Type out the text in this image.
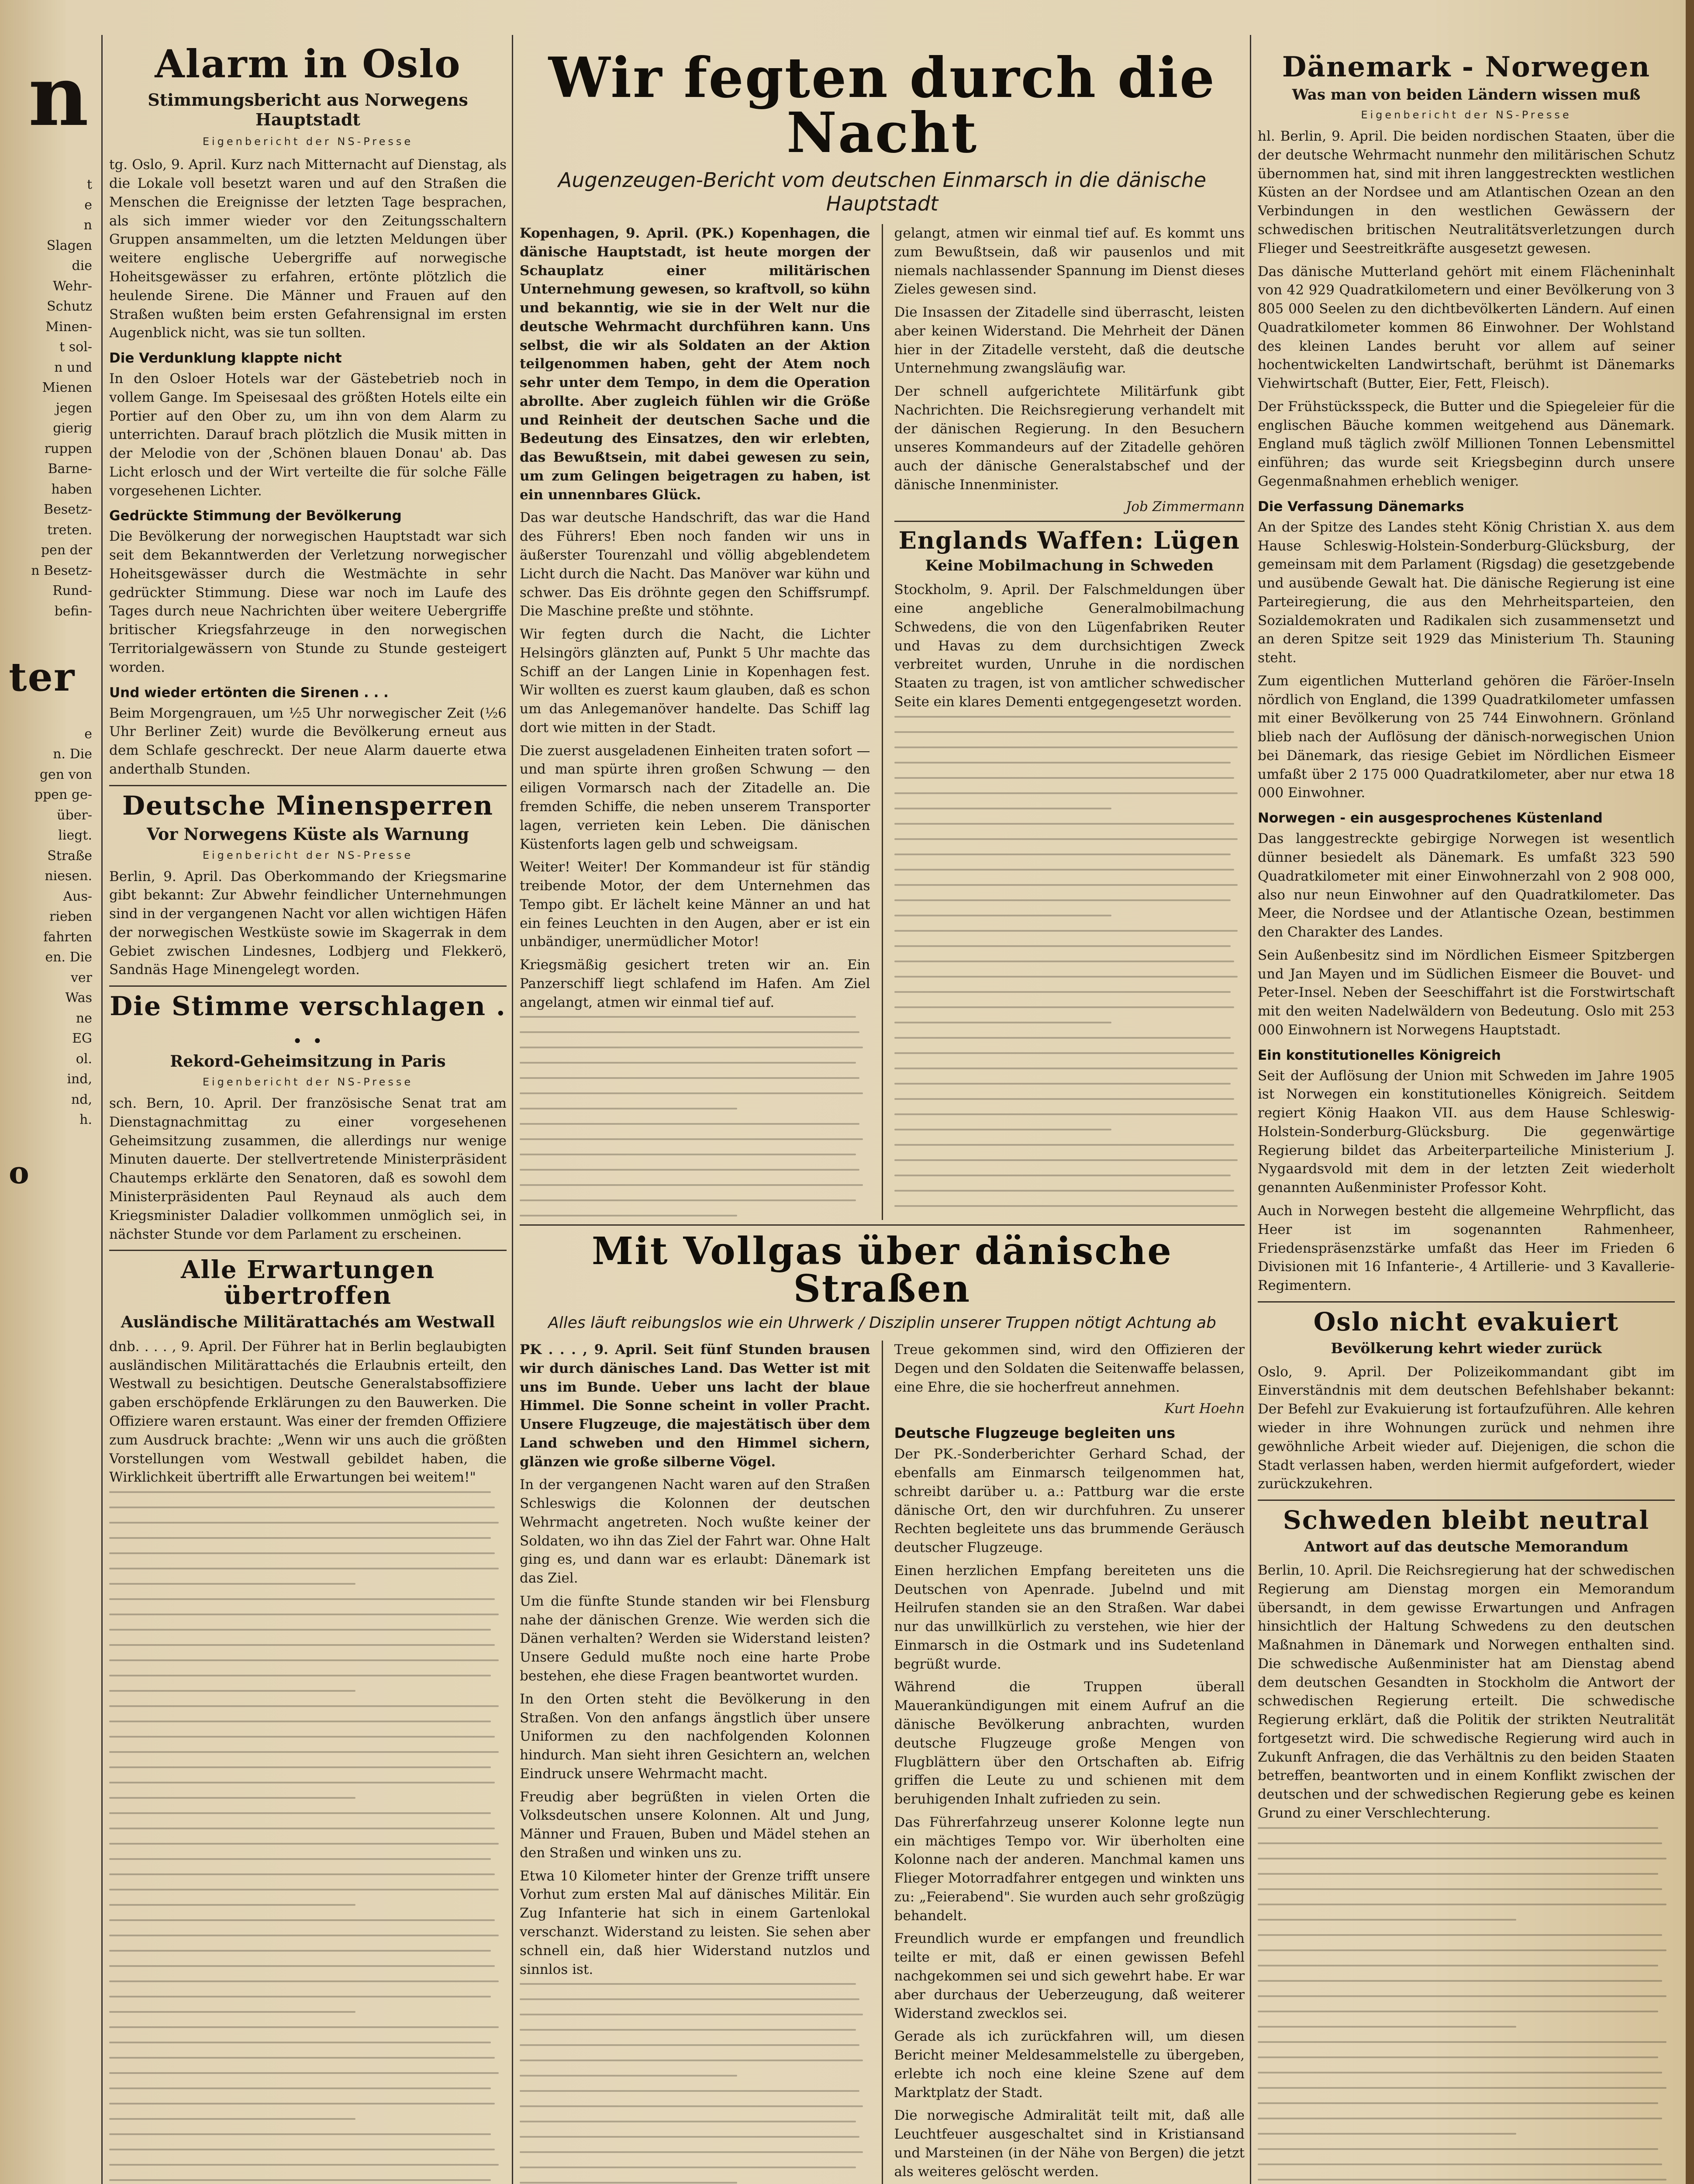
n
t
e
n
Slagen
die
Wehr-
Schutz
Minen-
t sol-
n und
Mienen
jegen
gierig
ruppen
Barne-
haben
Besetz-
treten.
pen der
n Besetz-
Rund-
befin-
ter
e
n. Die
gen von
ppen ge-
über-
liegt.
Straße
niesen.
Aus-
rieben
fahrten
en. Die
ver
Was
ne
EG
ol.
ind,
nd,
h.
o
Alarm in Oslo
Stimmungsbericht aus Norwegens Hauptstadt
Eigenbericht der NS-Presse

tg. Oslo, 9. April. Kurz nach Mitternacht auf Dienstag, als die Lokale voll besetzt waren und auf den Straßen die Menschen die Ereignisse der letzten Tage besprachen, als sich immer wieder vor den Zeitungsschaltern Gruppen ansammelten, um die letzten Meldungen über weitere englische Uebergriffe auf norwegische Hoheitsgewässer zu erfahren, ertönte plötzlich die heulende Sirene. Die Männer und Frauen auf den Straßen wußten beim ersten Gefahrensignal im ersten Augenblick nicht, was sie tun sollten.

Die Verdunklung klappte nicht

In den Osloer Hotels war der Gästebetrieb noch in vollem Gange. Im Speisesaal des größten Hotels eilte ein Portier auf den Ober zu, um ihn von dem Alarm zu unterrichten. Darauf brach plötzlich die Musik mitten in der Melodie von der ‚Schönen blauen Donau' ab. Das Licht erlosch und der Wirt verteilte die für solche Fälle vorgesehenen Lichter.

Gedrückte Stimmung der Bevölkerung

Die Bevölkerung der norwegischen Hauptstadt war sich seit dem Bekanntwerden der Verletzung norwegischer Hoheitsgewässer durch die Westmächte in sehr gedrückter Stimmung. Diese war noch im Laufe des Tages durch neue Nachrichten über weitere Uebergriffe britischer Kriegsfahrzeuge in den norwegischen Territorialgewässern von Stunde zu Stunde gesteigert worden.

Und wieder ertönten die Sirenen . . .

Beim Morgengrauen, um ½5 Uhr norwegischer Zeit (½6 Uhr Berliner Zeit) wurde die Bevölkerung erneut aus dem Schlafe geschreckt. Der neue Alarm dauerte etwa anderthalb Stunden.

Deutsche Minensperren
Vor Norwegens Küste als Warnung
Eigenbericht der NS-Presse

Berlin, 9. April. Das Oberkommando der Kriegsmarine gibt bekannt: Zur Abwehr feindlicher Unternehmungen sind in der vergangenen Nacht vor allen wichtigen Häfen der norwegischen Westküste sowie im Skagerrak in dem Gebiet zwischen Lindesnes, Lodbjerg und Flekkerö, Sandnäs Hage Minengelegt worden.

Die Stimme verschlagen . . .
Rekord-Geheimsitzung in Paris
Eigenbericht der NS-Presse

sch. Bern, 10. April. Der französische Senat trat am Dienstagnachmittag zu einer vorgesehenen Geheimsitzung zusammen, die allerdings nur wenige Minuten dauerte. Der stellvertretende Ministerpräsident Chautemps erklärte den Senatoren, daß es sowohl dem Ministerpräsidenten Paul Reynaud als auch dem Kriegsminister Daladier vollkommen unmöglich sei, in nächster Stunde vor dem Parlament zu erscheinen.

Alle Erwartungen übertroffen
Ausländische Militärattachés am Westwall

dnb. . . . , 9. April. Der Führer hat in Berlin beglaubigten ausländischen Militärattachés die Erlaubnis erteilt, den Westwall zu besichtigen. Deutsche Generalstabsoffiziere gaben erschöpfende Erklärungen zu den Bauwerken. Die Offiziere waren erstaunt. Was einer der fremden Offiziere zum Ausdruck brachte: „Wenn wir uns auch die größten Vorstellungen vom Westwall gebildet haben, die Wirklichkeit übertrifft alle Erwartungen bei weitem!"

Wir fegten durch die Nacht
Augenzeugen-Bericht vom deutschen Einmarsch in die dänische Hauptstadt

Kopenhagen, 9. April. (PK.) Kopenhagen, die dänische Hauptstadt, ist heute morgen der Schauplatz einer militärischen Unternehmung gewesen, so kraftvoll, so kühn und bekanntig, wie sie in der Welt nur die deutsche Wehrmacht durchführen kann. Uns selbst, die wir als Soldaten an der Aktion teilgenommen haben, geht der Atem noch sehr unter dem Tempo, in dem die Operation abrollte. Aber zugleich fühlen wir die Größe und Reinheit der deutschen Sache und die Bedeutung des Einsatzes, den wir erlebten, das Bewußtsein, mit dabei gewesen zu sein, um zum Gelingen beigetragen zu haben, ist ein unnennbares Glück.

Das war deutsche Handschrift, das war die Hand des Führers! Eben noch fanden wir uns in äußerster Tourenzahl und völlig abgeblendetem Licht durch die Nacht. Das Manöver war kühn und schwer. Das Eis dröhnte gegen den Schiffsrumpf. Die Maschine preßte und stöhnte.

Wir fegten durch die Nacht, die Lichter Helsingörs glänzten auf, Punkt 5 Uhr machte das Schiff an der Langen Linie in Kopenhagen fest. Wir wollten es zuerst kaum glauben, daß es schon um das Anlegemanöver handelte. Das Schiff lag dort wie mitten in der Stadt.

Die zuerst ausgeladenen Einheiten traten sofort — und man spürte ihren großen Schwung — den eiligen Vormarsch nach der Zitadelle an. Die fremden Schiffe, die neben unserem Transporter lagen, verrieten kein Leben. Die dänischen Küstenforts lagen gelb und schweigsam.

Weiter! Weiter! Der Kommandeur ist für ständig treibende Motor, der dem Unternehmen das Tempo gibt. Er lächelt keine Männer an und hat ein feines Leuchten in den Augen, aber er ist ein unbändiger, unermüdlicher Motor!

Kriegsmäßig gesichert treten wir an. Ein Panzerschiff liegt schlafend im Hafen. Am Ziel angelangt, atmen wir einmal tief auf.

gelangt, atmen wir einmal tief auf. Es kommt uns zum Bewußtsein, daß wir pausenlos und mit niemals nachlassender Spannung im Dienst dieses Zieles gewesen sind.

Die Insassen der Zitadelle sind überrascht, leisten aber keinen Widerstand. Die Mehrheit der Dänen hier in der Zitadelle versteht, daß die deutsche Unternehmung zwangsläufig war.

Der schnell aufgerichtete Militärfunk gibt Nachrichten. Die Reichsregierung verhandelt mit der dänischen Regierung. In den Besuchern unseres Kommandeurs auf der Zitadelle gehören auch der dänische Generalstabschef und der dänische Innenminister.

Job Zimmermann
Englands Waffen: Lügen
Keine Mobilmachung in Schweden

Stockholm, 9. April. Der Falschmeldungen über eine angebliche Generalmobilmachung Schwedens, die von den Lügenfabriken Reuter und Havas zu dem durchsichtigen Zweck verbreitet wurden, Unruhe in die nordischen Staaten zu tragen, ist von amtlicher schwedischer Seite ein klares Dementi entgegengesetzt worden.

Mit Vollgas über dänische Straßen
Alles läuft reibungslos wie ein Uhrwerk / Disziplin unserer Truppen nötigt Achtung ab

PK . . . , 9. April. Seit fünf Stunden brausen wir durch dänisches Land. Das Wetter ist mit uns im Bunde. Ueber uns lacht der blaue Himmel. Die Sonne scheint in voller Pracht. Unsere Flugzeuge, die majestätisch über dem Land schweben und den Himmel sichern, glänzen wie große silberne Vögel.

In der vergangenen Nacht waren auf den Straßen Schleswigs die Kolonnen der deutschen Wehrmacht angetreten. Noch wußte keiner der Soldaten, wo ihn das Ziel der Fahrt war. Ohne Halt ging es, und dann war es erlaubt: Dänemark ist das Ziel.

Um die fünfte Stunde standen wir bei Flensburg nahe der dänischen Grenze. Wie werden sich die Dänen verhalten? Werden sie Widerstand leisten? Unsere Geduld mußte noch eine harte Probe bestehen, ehe diese Fragen beantwortet wurden.

In den Orten steht die Bevölkerung in den Straßen. Von den anfangs ängstlich über unsere Uniformen zu den nachfolgenden Kolonnen hindurch. Man sieht ihren Gesichtern an, welchen Eindruck unsere Wehrmacht macht.

Freudig aber begrüßten in vielen Orten die Volksdeutschen unsere Kolonnen. Alt und Jung, Männer und Frauen, Buben und Mädel stehen an den Straßen und winken uns zu.

Etwa 10 Kilometer hinter der Grenze trifft unsere Vorhut zum ersten Mal auf dänisches Militär. Ein Zug Infanterie hat sich in einem Gartenlokal verschanzt. Widerstand zu leisten. Sie sehen aber schnell ein, daß hier Widerstand nutzlos und sinnlos ist.

Treue gekommen sind, wird den Offizieren der Degen und den Soldaten die Seitenwaffe belassen, eine Ehre, die sie hocherfreut annehmen.

Kurt Hoehn
Deutsche Flugzeuge begleiten uns

Der PK.-Sonderberichter Gerhard Schad, der ebenfalls am Einmarsch teilgenommen hat, schreibt darüber u. a.: Pattburg war die erste dänische Ort, den wir durchfuhren. Zu unserer Rechten begleitete uns das brummende Geräusch deutscher Flugzeuge.

Einen herzlichen Empfang bereiteten uns die Deutschen von Apenrade. Jubelnd und mit Heilrufen standen sie an den Straßen. War dabei nur das unwillkürlich zu verstehen, wie hier der Einmarsch in die Ostmark und ins Sudetenland begrüßt wurde.

Während die Truppen überall Mauerankündigungen mit einem Aufruf an die dänische Bevölkerung anbrachten, wurden deutsche Flugzeuge große Mengen von Flugblättern über den Ortschaften ab. Eifrig griffen die Leute zu und schienen mit dem beruhigenden Inhalt zufrieden zu sein.

Das Führerfahrzeug unserer Kolonne legte nun ein mächtiges Tempo vor. Wir überholten eine Kolonne nach der anderen. Manchmal kamen uns Flieger Motorradfahrer entgegen und winkten uns zu: „Feierabend". Sie wurden auch sehr großzügig behandelt.

Freundlich wurde er empfangen und freundlich teilte er mit, daß er einen gewissen Befehl nachgekommen sei und sich gewehrt habe. Er war aber durchaus der Ueberzeugung, daß weiterer Widerstand zwecklos sei.

Gerade als ich zurückfahren will, um diesen Bericht meiner Meldesammelstelle zu übergeben, erlebte ich noch eine kleine Szene auf dem Marktplatz der Stadt.

Die norwegische Admiralität teilt mit, daß alle Leuchtfeuer ausgeschaltet sind in Kristiansand und Marsteinen (in der Nähe von Bergen) die jetzt als weiteres gelöscht werden.

Dänemark - Norwegen
Was man von beiden Ländern wissen muß
Eigenbericht der NS-Presse

hl. Berlin, 9. April. Die beiden nordischen Staaten, über die der deutsche Wehrmacht nunmehr den militärischen Schutz übernommen hat, sind mit ihren langgestreckten westlichen Küsten an der Nordsee und am Atlantischen Ozean an den Verbindungen in den westlichen Gewässern der schwedischen britischen Neutralitätsverletzungen durch Flieger und Seestreitkräfte ausgesetzt gewesen.

Das dänische Mutterland gehört mit einem Flächeninhalt von 42 929 Quadratkilometern und einer Bevölkerung von 3 805 000 Seelen zu den dichtbevölkerten Ländern. Auf einen Quadratkilometer kommen 86 Einwohner. Der Wohlstand des kleinen Landes beruht vor allem auf seiner hochentwickelten Landwirtschaft, berühmt ist Dänemarks Viehwirtschaft (Butter, Eier, Fett, Fleisch).

Der Frühstücksspeck, die Butter und die Spiegeleier für die englischen Bäuche kommen weitgehend aus Dänemark. England muß täglich zwölf Millionen Tonnen Lebensmittel einführen; das wurde seit Kriegsbeginn durch unsere Gegenmaßnahmen erheblich weniger.

Die Verfassung Dänemarks

An der Spitze des Landes steht König Christian X. aus dem Hause Schleswig-Holstein-Sonderburg-Glücksburg, der gemeinsam mit dem Parlament (Rigsdag) die gesetzgebende und ausübende Gewalt hat. Die dänische Regierung ist eine Parteiregierung, die aus den Mehrheitsparteien, den Sozialdemokraten und Radikalen sich zusammensetzt und an deren Spitze seit 1929 das Ministerium Th. Stauning steht.

Zum eigentlichen Mutterland gehören die Färöer-Inseln nördlich von England, die 1399 Quadratkilometer umfassen mit einer Bevölkerung von 25 744 Einwohnern. Grönland blieb nach der Auflösung der dänisch-norwegischen Union bei Dänemark, das riesige Gebiet im Nördlichen Eismeer umfaßt über 2 175 000 Quadratkilometer, aber nur etwa 18 000 Einwohner.

Norwegen - ein ausgesprochenes Küstenland

Das langgestreckte gebirgige Norwegen ist wesentlich dünner besiedelt als Dänemark. Es umfaßt 323 590 Quadratkilometer mit einer Einwohnerzahl von 2 908 000, also nur neun Einwohner auf den Quadratkilometer. Das Meer, die Nordsee und der Atlantische Ozean, bestimmen den Charakter des Landes.

Sein Außenbesitz sind im Nördlichen Eismeer Spitzbergen und Jan Mayen und im Südlichen Eismeer die Bouvet- und Peter-Insel. Neben der Seeschiffahrt ist die Forstwirtschaft mit den weiten Nadelwäldern von Bedeutung. Oslo mit 253 000 Einwohnern ist Norwegens Hauptstadt.

Ein konstitutionelles Königreich

Seit der Auflösung der Union mit Schweden im Jahre 1905 ist Norwegen ein konstitutionelles Königreich. Seitdem regiert König Haakon VII. aus dem Hause Schleswig-Holstein-Sonderburg-Glücksburg. Die gegenwärtige Regierung bildet das Arbeiterparteiliche Ministerium J. Nygaardsvold mit dem in der letzten Zeit wiederholt genannten Außenminister Professor Koht.

Auch in Norwegen besteht die allgemeine Wehrpflicht, das Heer ist im sogenannten Rahmenheer, Friedenspräsenzstärke umfaßt das Heer im Frieden 6 Divisionen mit 16 Infanterie-, 4 Artillerie- und 3 Kavallerie-Regimentern.

Oslo nicht evakuiert
Bevölkerung kehrt wieder zurück

Oslo, 9. April. Der Polizeikommandant gibt im Einverständnis mit dem deutschen Befehlshaber bekannt: Der Befehl zur Evakuierung ist fortaufzuführen. Alle kehren wieder in ihre Wohnungen zurück und nehmen ihre gewöhnliche Arbeit wieder auf. Diejenigen, die schon die Stadt verlassen haben, werden hiermit aufgefordert, wieder zurückzukehren.

Schweden bleibt neutral
Antwort auf das deutsche Memorandum

Berlin, 10. April. Die Reichsregierung hat der schwedischen Regierung am Dienstag morgen ein Memorandum übersandt, in dem gewisse Erwartungen und Anfragen hinsichtlich der Haltung Schwedens zu den deutschen Maßnahmen in Dänemark und Norwegen enthalten sind. Die schwedische Außenminister hat am Dienstag abend dem deutschen Gesandten in Stockholm die Antwort der schwedischen Regierung erteilt. Die schwedische Regierung erklärt, daß die Politik der strikten Neutralität fortgesetzt wird. Die schwedische Regierung wird auch in Zukunft Anfragen, die das Verhältnis zu den beiden Staaten betreffen, beantworten und in einem Konflikt zwischen der deutschen und der schwedischen Regierung gebe es keinen Grund zu einer Verschlechterung.
